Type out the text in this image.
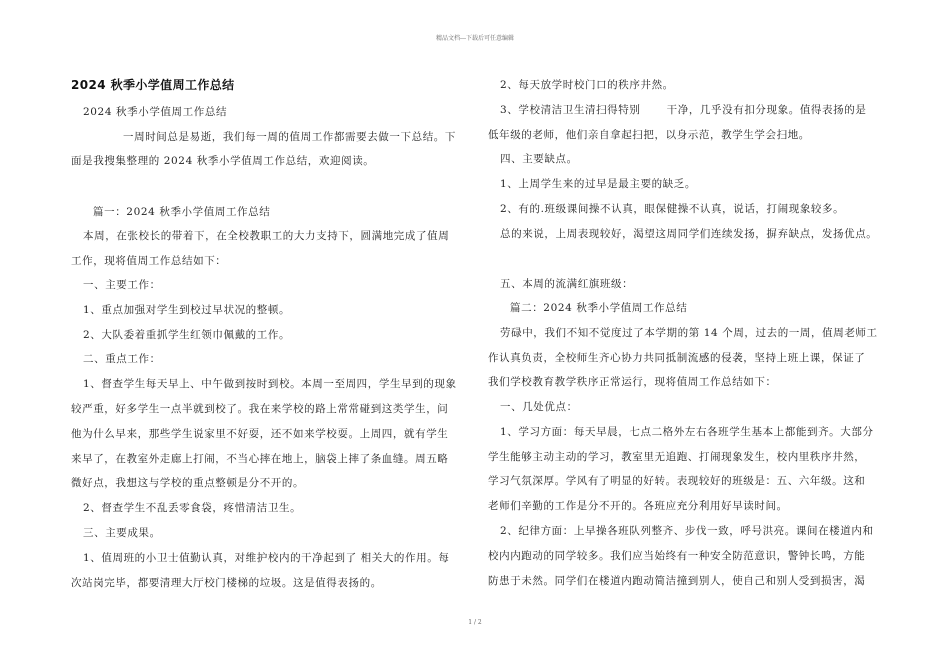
精品文档---下载后可任意编辑
2024 秋季小学值周工作总结
2024 秋季小学值周工作总结
一周时间总是易逝，我们每一周的值周工作都需要去做一下总结。下
面是我搜集整理的 2024 秋季小学值周工作总结，欢迎阅读。
篇一：2024 秋季小学值周工作总结
本周，在张校长的带着下，在全校教职工的大力支持下，圆满地完成了值周
工作，现将值周工作总结如下：
一、主要工作：
1、重点加强对学生到校过早状况的整顿。
2、大队委着重抓学生红领巾佩戴的工作。
二、重点工作：
1、督查学生每天早上、中午做到按时到校。本周一至周四，学生早到的现象
较严重，好多学生一点半就到校了。我在来学校的路上常常碰到这类学生，问
他为什么早来，那些学生说家里不好耍，还不如来学校耍。上周四，就有学生
来早了，在教室外走廊上打闹，不当心摔在地上，脑袋上摔了条血缝。周五略
微好点，我想这与学校的重点整顿是分不开的。
2、督查学生不乱丢零食袋，疼惜清洁卫生。
三、主要成果。
1、值周班的小卫士值勤认真，对维护校内的干净起到了 相关大的作用。每
次站岗完毕，都要清理大厅校门楼梯的垃圾。这是值得表扬的。
2、每天放学时校门口的秩序井然。
3、学校清洁卫生清扫得特别　　 干净，几乎没有扣分现象。值得表扬的是
低年级的老师，他们亲自拿起扫把，以身示范，教学生学会扫地。
四、主要缺点。
1、上周学生来的过早是最主要的缺乏。
2、有的.班级课间操不认真，眼保健操不认真，说话，打闹现象较多。
总的来说，上周表现较好，渴望这周同学们连续发扬，摒弃缺点，发扬优点。
五、本周的流满红旗班级：
篇二：2024 秋季小学值周工作总结
劳碌中，我们不知不觉度过了本学期的第 14 个周，过去的一周，值周老师工
作认真负责，全校师生齐心协力共同抵制流感的侵袭，坚持上班上课，保证了
我们学校教育教学秩序正常运行，现将值周工作总结如下：
一、几处优点：
1、学习方面：每天早晨，七点二格外左右各班学生基本上都能到齐。大部分
学生能够主动主动的学习，教室里无追跑、打闹现象发生，校内里秩序井然，
学习气氛深厚。学风有了明显的好转。表现较好的班级是：五、六年级。这和
老师们辛勤的工作是分不开的。各班应充分利用好早读时间。
2、纪律方面：上早操各班队列整齐、步伐一致，呼号洪亮。课间在楼道内和
校内内跑动的同学较多。我们应当始终有一种安全防范意识，警钟长鸣，方能
防患于未然。同学们在楼道内跑动简洁撞到别人，使自己和别人受到损害，渴
1 / 2
